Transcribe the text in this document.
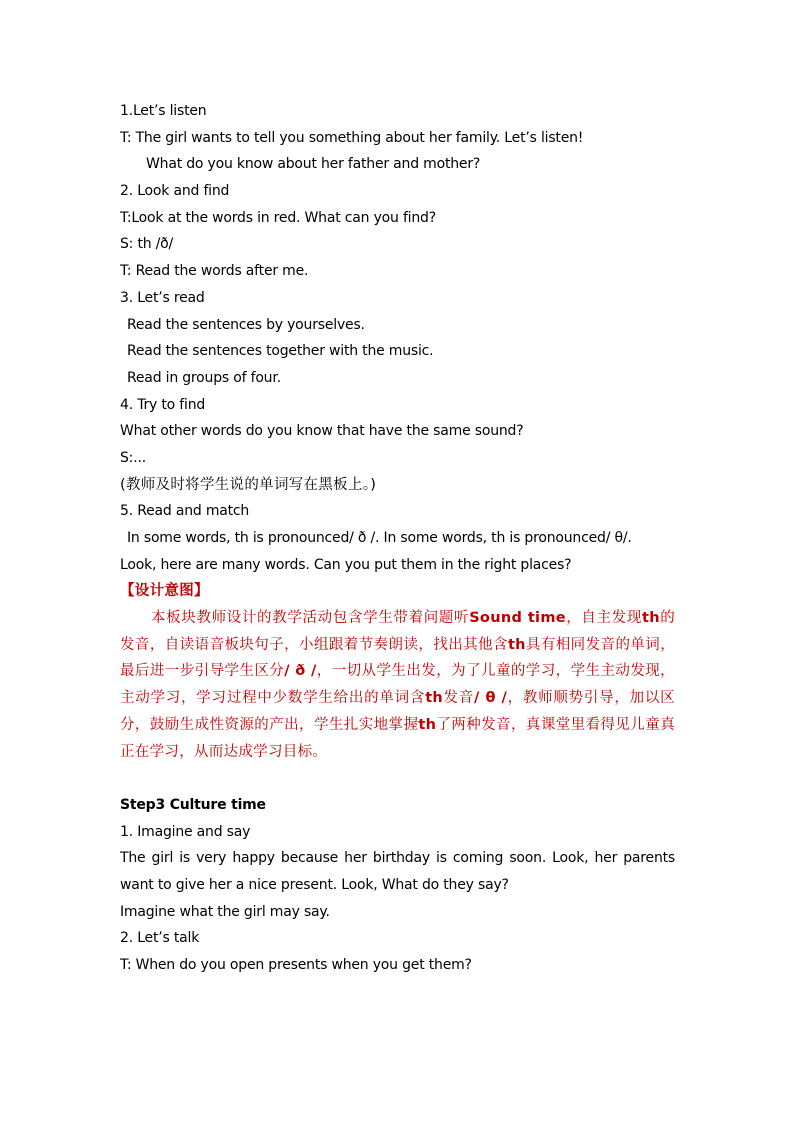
1.Let’s listen
T: The girl wants to tell you something about her family. Let’s listen!
What do you know about her father and mother?
2. Look and find
T:Look at the words in red. What can you find?
S: th /ð/
T: Read the words after me.
3. Let’s read
Read the sentences by yourselves.
Read the sentences together with the music.
Read in groups of four.
4. Try to find
What other words do you know that have the same sound?
S:...
(教师及时将学生说的单词写在黑板上。)
5. Read and match
In some words, th is pronounced/ ð /. In some words, th is pronounced/ θ/.
Look, here are many words. Can you put them in the right places?
【设计意图】
本板块教师设计的教学活动包含学生带着问题听Sound time，自主发现th的发音，自读语音板块句子，小组跟着节奏朗读，找出其他含th具有相同发音的单词，最后进一步引导学生区分/ ð /，一切从学生出发，为了儿童的学习，学生主动发现，主动学习，学习过程中少数学生给出的单词含th发音/ θ /，教师顺势引导，加以区分，鼓励生成性资源的产出，学生扎实地掌握th了两种发音，真课堂里看得见儿童真正在学习，从而达成学习目标。
Step3 Culture time
1. Imagine and say
The girl is very happy because her birthday is coming soon. Look, her parents want to give her a nice present. Look, What do they say?
Imagine what the girl may say.
2. Let’s talk
T: When do you open presents when you get them?
